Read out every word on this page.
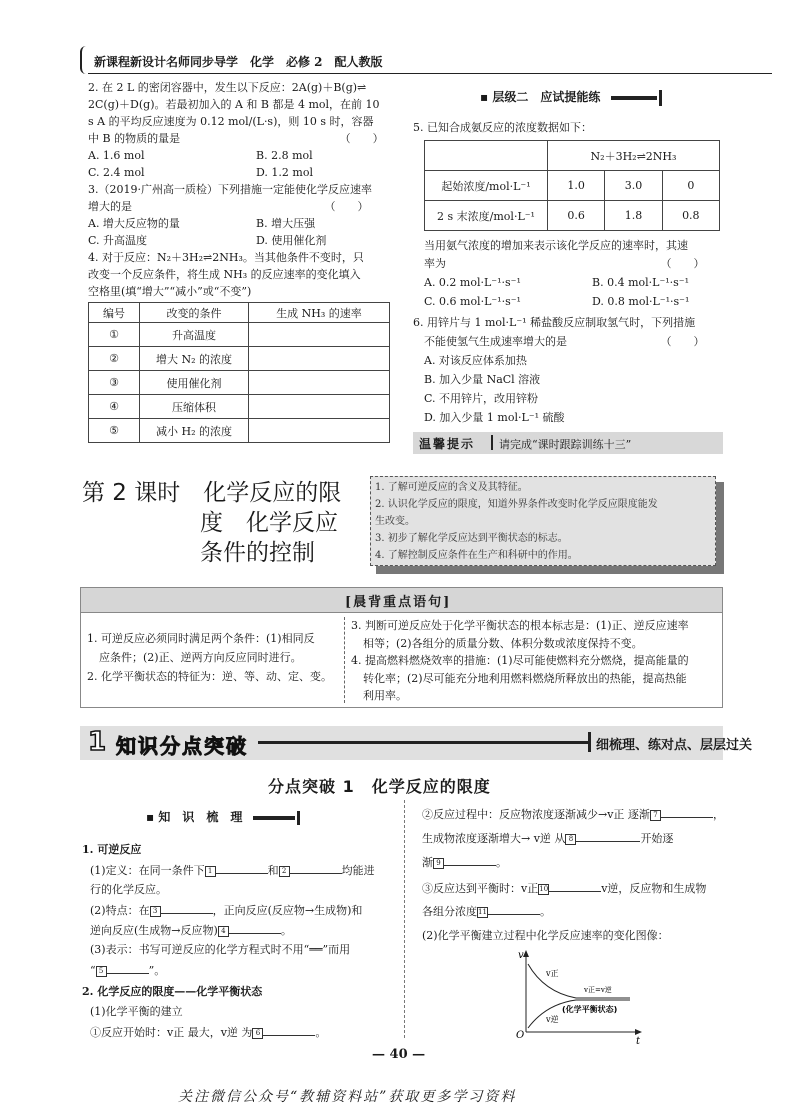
新课程新设计名师同步导学　化学　必修 2　配人教版
2. 在 2 L 的密闭容器中，发生以下反应：2A(g)＋B(g)⇌
2C(g)＋D(g)。若最初加入的 A 和 B 都是 4 mol，在前 10
s A 的平均反应速度为 0.12 mol/(L·s)，则 10 s 时，容器
中 B 的物质的量是　　　　　　　　　　　　　　　（　　）
A. 1.6 mol	B. 2.8 mol
C. 2.4 mol	D. 1.2 mol
3.（2019·广州高一质检）下列措施一定能使化学反应速率
增大的是　　　　　　　　　　　　　　　　　　（　　）
A. 增大反应物的量	B. 增大压强
C. 升高温度	D. 使用催化剂
4. 对于反应：N₂＋3H₂⇌2NH₃。当其他条件不变时，只
改变一个反应条件，将生成 NH₃ 的反应速率的变化填入
空格里(填“增大”“减小”或“不变”)
编号	改变的条件	生成 NH₃ 的速率
①	升高温度	
②	增大 N₂ 的浓度	
③	使用催化剂	
④	压缩体积	
⑤	减小 H₂ 的浓度	
▪ 层级二　应试提能练
5. 已知合成氨反应的浓度数据如下：
	N₂＋3H₂⇌2NH₃		
起始浓度/mol·L⁻¹	1.0	3.0	0
2 s 末浓度/mol·L⁻¹	0.6	1.8	0.8
当用氨气浓度的增加来表示该化学反应的速率时，其速
率为　　　　　　　　　　　　　　　　　　　　（　　）
A. 0.2 mol·L⁻¹·s⁻¹	B. 0.4 mol·L⁻¹·s⁻¹
C. 0.6 mol·L⁻¹·s⁻¹	D. 0.8 mol·L⁻¹·s⁻¹
6. 用锌片与 1 mol·L⁻¹ 稀盐酸反应制取氢气时，下列措施
不能使氢气生成速率增大的是　　　　　　　　　（　　）
A. 对该反应体系加热
B. 加入少量 NaCl 溶液
C. 不用锌片，改用锌粉
D. 加入少量 1 mol·L⁻¹ 硫酸
温馨提示 请完成“课时跟踪训练十三”
第 2 课时　化学反应的限
度　化学反应
条件的控制
1. 了解可逆反应的含义及其特征。
2. 认识化学反应的限度，知道外界条件改变时化学反应限度能发
生改变。
3. 初步了解化学反应达到平衡状态的标志。
4. 了解控制反应条件在生产和科研中的作用。
[晨背重点语句]
1. 可逆反应必须同时满足两个条件：(1)相同反
应条件；(2)正、逆两方向反应同时进行。
2. 化学平衡状态的特征为：逆、等、动、定、变。
3. 判断可逆反应处于化学平衡状态的根本标志是：(1)正、逆反应速率
相等；(2)各组分的质量分数、体积分数或浓度保持不变。
4. 提高燃料燃烧效率的措施：(1)尽可能使燃料充分燃烧，提高能量的
转化率；(2)尽可能充分地利用燃料燃烧所释放出的热能，提高热能
利用率。
1 知识分点突破	细梳理、练对点、层层过关
分点突破 1　化学反应的限度
▪ 知　识　梳　理
1. 可逆反应
(1)定义：在同一条件下 1	和 2	均能进
行的化学反应。
(2)特点：在 3	，正向反应(反应物→生成物)和
逆向反应(生成物→反应物) 4	。
(3)表示：书写可逆反应的化学方程式时不用“══”而用
“ 5	”。
2. 化学反应的限度——化学平衡状态
(1)化学平衡的建立
①反应开始时：v正 最大，v逆 为 6	。
②反应过程中：反应物浓度逐渐减少→v正 逐渐 7	，
生成物浓度逐渐增大→ v逆 从 8	开始逐
渐 9	。
③反应达到平衡时：v正10	v逆，反应物和生成物
各组分浓度11	。
(2)化学平衡建立过程中化学反应速率的变化图像：
v
t
O
v正
v逆
v正=v逆
(化学平衡状态)
— 40 —
关注微信公众号“教辅资料站”获取更多学习资料
